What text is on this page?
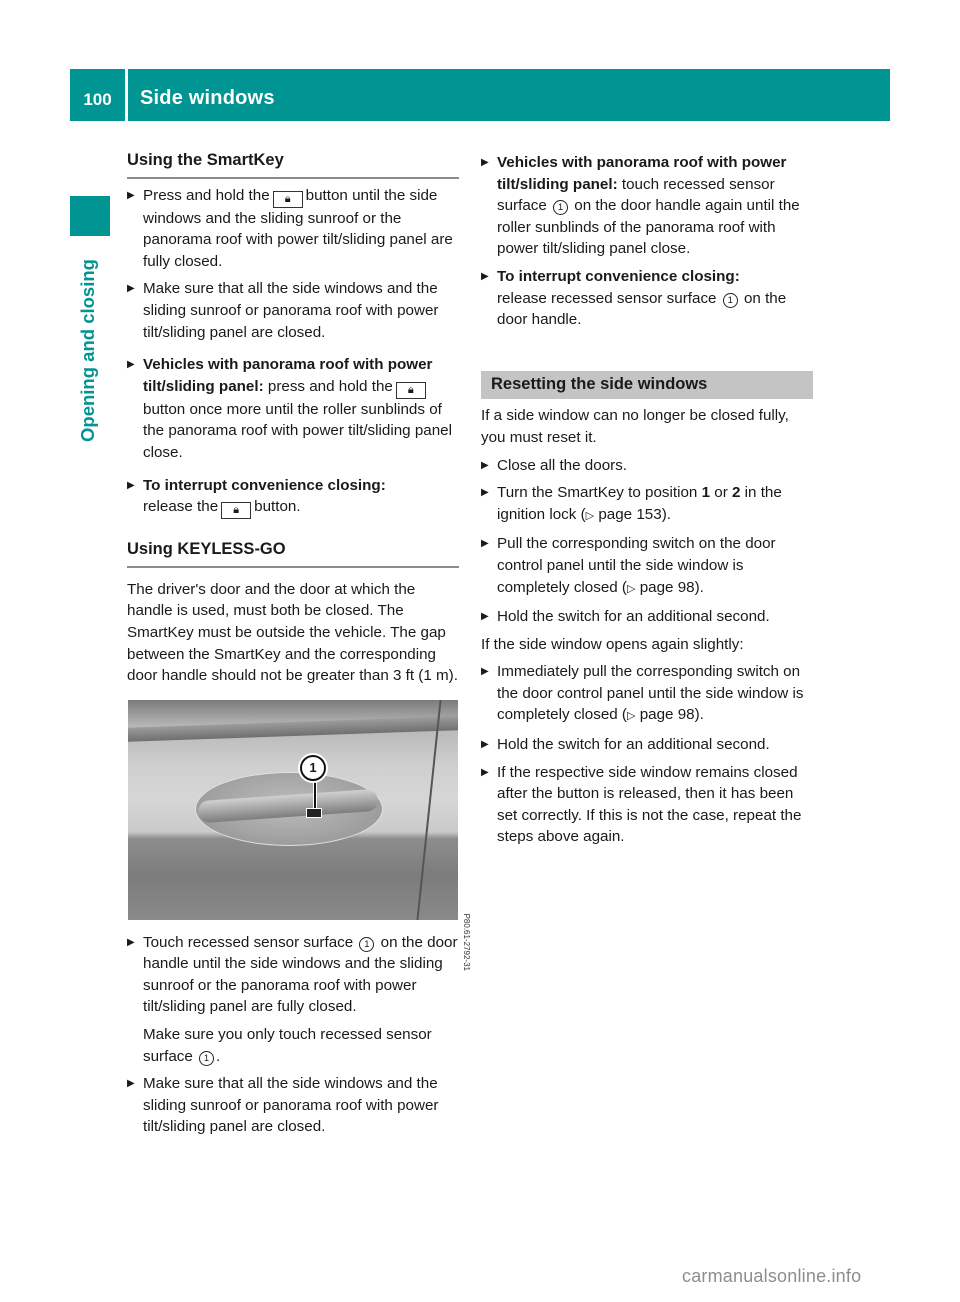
100	Side windows
Opening and closing
Using the SmartKey

▶ Press and hold the 🔒︎ button until the side windows and the sliding sunroof or the panorama roof with power tilt/sliding panel are fully closed.

▶ Make sure that all the side windows and the sliding sunroof or panorama roof with power tilt/sliding panel are closed.

▶ Vehicles with panorama roof with power tilt/sliding panel: press and hold the 🔒︎button once more until the roller sunblinds of the panorama roof with power tilt/sliding panel close.

▶ To interrupt convenience closing:
release the 🔒︎ button.

Using KEYLESS-GO

The driver's door and the door at which the handle is used, must both be closed. The SmartKey must be outside the vehicle. The gap between the SmartKey and the corresponding door handle should not be greater than 3 ft (1 m).

1
P80.61-2792-31

▶ Touch recessed sensor surface 1 on the door handle until the side windows and the sliding sunroof or the panorama roof with power tilt/sliding panel are fully closed.

Make sure you only touch recessed sensor surface 1 .

▶ Make sure that all the side windows and the sliding sunroof or panorama roof with power tilt/sliding panel are closed.

▶ Vehicles with panorama roof with power tilt/sliding panel: touch recessed sensor surface 1 on the door handle again until the roller sunblinds of the panorama roof with power tilt/sliding panel close.

▶ To interrupt convenience closing:
release recessed sensor surface 1 on the door handle.

Resetting the side windows

If a side window can no longer be closed fully, you must reset it.

▶ Close all the doors.

▶ Turn the SmartKey to position 1 or 2 in the ignition lock (▷ page 153).

▶ Pull the corresponding switch on the door control panel until the side window is completely closed (▷ page 98).

▶ Hold the switch for an additional second.

If the side window opens again slightly:

▶ Immediately pull the corresponding switch on the door control panel until the side window is completely closed (▷ page 98).

▶ Hold the switch for an additional second.

▶ If the respective side window remains closed after the button is released, then it has been set correctly. If this is not the case, repeat the steps above again.

carmanualsonline.info
